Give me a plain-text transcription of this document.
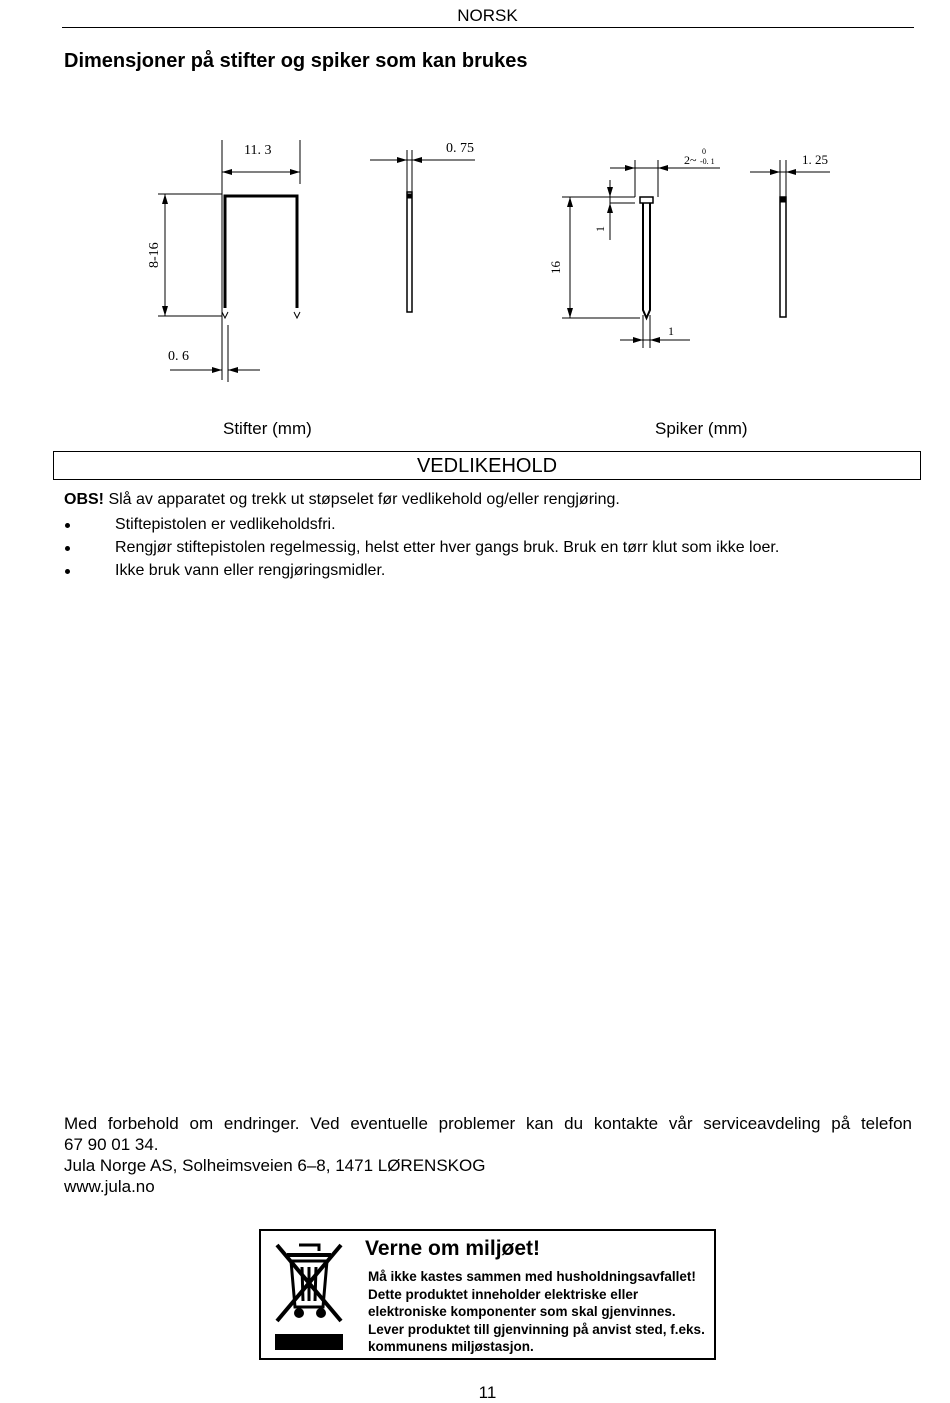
NORSK
Dimensjoner på stifter og spiker som kan brukes
11. 3
8-16
0. 6
0. 75
2~
0
-0. 1
1
16
1
1. 25
Stifter (mm)	Spiker (mm)
VEDLIKEHOLD
OBS! Slå av apparatet og trekk ut støpselet før vedlikehold og/eller rengjøring.
Stiftepistolen er vedlikeholdsfri.
Rengjør stiftepistolen regelmessig, helst etter hver gangs bruk. Bruk en tørr klut som ikke loer.
Ikke bruk vann eller rengjøringsmidler.
Med forbehold om endringer. Ved eventuelle problemer kan du kontakte vår serviceavdeling på telefon
67 90 01 34.
Jula Norge AS, Solheimsveien 6–8, 1471 LØRENSKOG
www.jula.no
Verne om miljøet!
Må ikke kastes sammen med husholdningsavfallet!
Dette produktet inneholder elektriske eller
elektroniske komponenter som skal gjenvinnes.
Lever produktet till gjenvinning på anvist sted, f.eks.
kommunens miljøstasjon.
11
